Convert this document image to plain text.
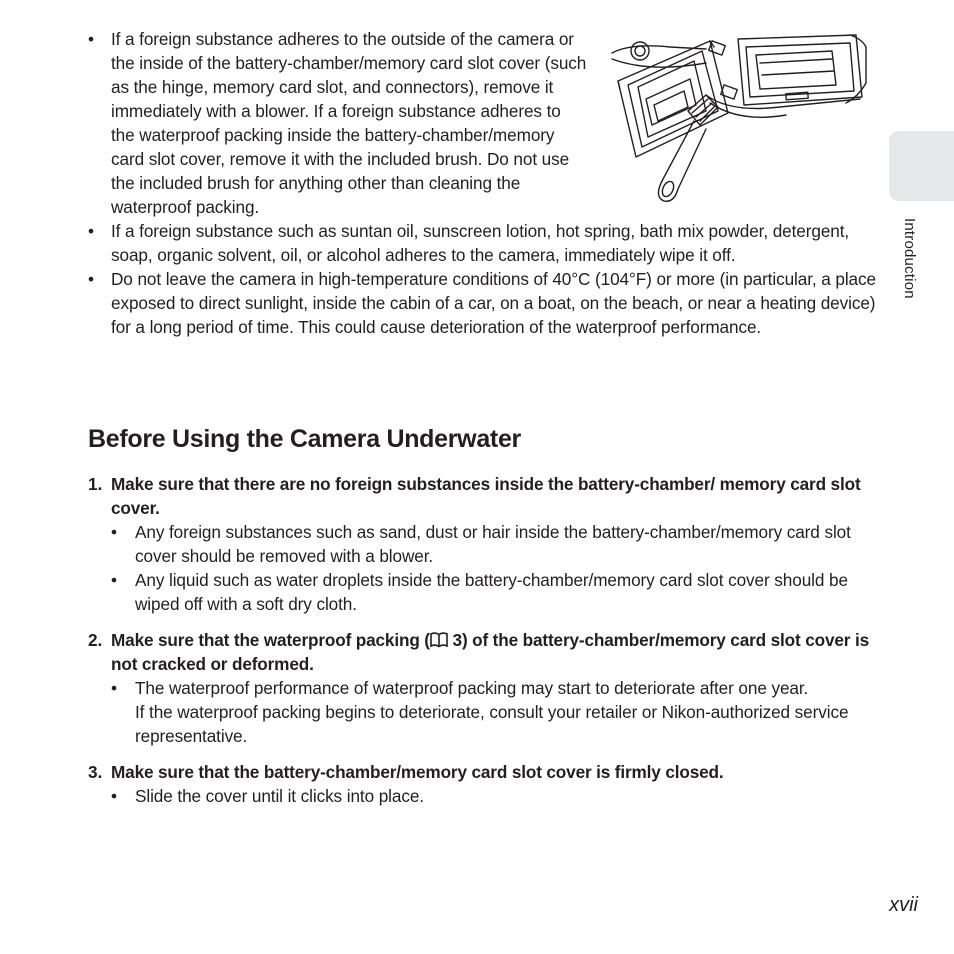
• If a foreign substance adheres to the outside of the camera or the inside of the battery-chamber/memory card slot cover (such as the hinge, memory card slot, and connectors), remove it immediately with a blower. If a foreign substance adheres to the waterproof packing inside the battery-chamber/memory card slot cover, remove it with the included brush. Do not use the included brush for anything other than cleaning the waterproof packing.
• If a foreign substance such as suntan oil, sunscreen lotion, hot spring, bath mix powder, detergent, soap, organic solvent, oil, or alcohol adheres to the camera, immediately wipe it off.
• Do not leave the camera in high-temperature conditions of 40°C (104°F) or more (in particular, a place exposed to direct sunlight, inside the cabin of a car, on a boat, on the beach, or near a heating device) for a long period of time. This could cause deterioration of the waterproof performance.
Before Using the Camera Underwater
1. Make sure that there are no foreign substances inside the battery-chamber/ memory card slot cover.
•	Any foreign substances such as sand, dust or hair inside the battery-chamber/memory card slot cover should be removed with a blower.
•	Any liquid such as water droplets inside the battery-chamber/memory card slot cover should be wiped off with a soft dry cloth.
2. Make sure that the waterproof packing ( 3) of the battery-chamber/memory card slot cover is not cracked or deformed.
•	The waterproof performance of waterproof packing may start to deteriorate after one year.
If the waterproof packing begins to deteriorate, consult your retailer or Nikon-authorized service representative.
3. Make sure that the battery-chamber/memory card slot cover is firmly closed.
•	Slide the cover until it clicks into place.
Introduction
xvii
